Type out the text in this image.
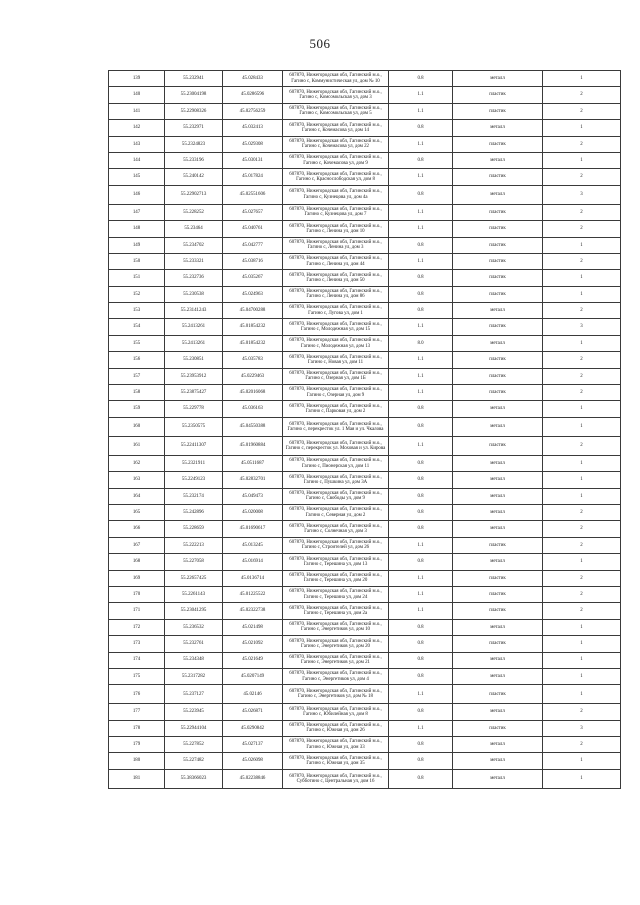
506
139	55.232941	45.028433	607870, Нижегородская обл, Гагинский м.о., Гагино с, Коммунистическая ул, дом № 10	0.8	металл	1
140	55.23004198	45.0286596	607870, Нижегородская обл, Гагинский м.о., Гагино с, Комсомольская ул, дом 3	1.1	пластик	2
141	55.22908326	45.02756259	607870, Нижегородская обл, Гагинский м.о., Гагино с, Комсомольская ул, дом 5	1.1	пластик	2
142	55.232971	45.032413	607870, Нижегородская обл, Гагинский м.о., Гагино с, Кочемасова ул, дом 14	0.8	металл	1
143	55.2324823	45.029308	607870, Нижегородская обл, Гагинский м.о., Гагино с, Кочемасова ул, дом 22	1.1	пластик	2
144	55.233196	45.030131	607870, Нижегородская обл, Гагинский м.о., Гагино с, Кочемасова ул, дом 9	0.8	металл	1
145	55.240142	45.017824	607870, Нижегородская обл, Гагинский м.о., Гагино с, Краснослободская ул, дом 8	1.1	пластик	2
146	55.22902713	45.02551606	607870, Нижегородская обл, Гагинский м.о., Гагино с, Кузнецова ул, дом 4а	0.8	металл	3
147	55.228252	45.027657	607870, Нижегородская обл, Гагинский м.о., Гагино с, Кузнецова ул, дом 7	1.1	пластик	2
148	55.23464	45.040761	607870, Нижегородская обл, Гагинский м.о., Гагино с, Ленина ул, дом 10	1.1	пластик	2
149	55.234702	45.042777	607870, Нижегородская обл, Гагинский м.о., Гагино с, Ленина ул, дом 3	0.8	пластик	1
150	55.233321	45.038716	607870, Нижегородская обл, Гагинский м.о., Гагино с, Ленина ул, дом 44	1.1	пластик	2
151	55.232736	45.035267	607870, Нижегородская обл, Гагинский м.о., Гагино с, Ленина ул, дом 50	0.8	пластик	1
152	55.230538	45.024963	607870, Нижегородская обл, Гагинский м.о., Гагино с, Ленина ул, дом 86	0.8	пластик	1
153	55.23141243	45.04700288	607870, Нижегородская обл, Гагинский м.о., Гагино с, Лугова ул, дом 1	0.8	металл	2
154	55.2413261	45.01854232	607870, Нижегородская обл, Гагинский м.о., Гагино с, Молодежная ул, дом 15	1.1	пластик	3
155	55.2413261	45.01854232	607870, Нижегородская обл, Гагинский м.о., Гагино с, Молодежная ул, дом 13	8.0	металл	1
156	55.230851	45.035783	607870, Нижегородская обл, Гагинский м.о., Гагино с, Новая ул, дом 11	1.1	пластик	2
157	55.23953912	45.0229463	607870, Нижегородская обл, Гагинский м.о., Гагино с, Озерная ул, дом 1Б	1.1	пластик	2
158	55.23875427	45.02016068	607870, Нижегородская обл, Гагинский м.о., Гагино с, Озерная ул, дом 9	1.1	пластик	2
159	55.229778	45.036163	607870, Нижегородская обл, Гагинский м.о., Гагино с, Парковая ул, дом 2	0.8	металл	1
160	55.2350575	45.04550388	607870, Нижегородская обл, Гагинский м.о., Гагино с, перекресток ул. 1 Мая и ул. Чкалова	0.8	металл	1
161	55.22411307	45.01960884	607870, Нижегородская обл, Гагинский м.о., Гагино с, перекресток ул. Моховая и ул. Кирова	1.1	пластик	2
162	55.2321911	45.0511687	607870, Нижегородская обл, Гагинский м.о., Гагино с, Пионерская ул, дом 11	0.8	металл	1
163	55.2249123	45.02832701	607870, Нижегородская обл, Гагинский м.о., Гагино с, Пушкина ул, дом 3А	0.8	металл	1
164	55.232174	45.049473	607870, Нижегородская обл, Гагинский м.о., Гагино с, Свободы ул, дом 9	0.8	металл	1
165	55.242896	45.020008	607870, Нижегородская обл, Гагинский м.о., Гагино с, Северная ул, дом 2	0.8	металл	2
166	55.228659	45.01690617	607870, Нижегородская обл, Гагинский м.о., Гагино с, Солнечная ул, дом 3	0.8	металл	2
167	55.222213	45.013245	607870, Нижегородская обл, Гагинский м.о., Гагино с, Строителей ул, дом 26	1.1	пластик	2
168	55.227058	45.016914	607870, Нижегородская обл, Гагинский м.о., Гагино с, Терешина ул, дом 13	0.8	металл	1
169	55.22657425	45.0136714	607870, Нижегородская обл, Гагинский м.о., Гагино с, Терешина ул, дом 20	1.1	пластик	2
170	55.2261143	45.01225522	607870, Нижегородская обл, Гагинский м.о., Гагино с, Терешина ул, дом 24	1.1	пластик	2
171	55.23041295	45.02322738	607870, Нижегородская обл, Гагинский м.о., Гагино с, Терешина ул, дом 2а	1.1	пластик	2
172	55.236532	45.021498	607870, Нижегородская обл, Гагинский м.о., Гагино с, Энергетиков ул, дом 10	0.8	металл	1
173	55.232761	45.021092	607870, Нижегородская обл, Гагинский м.о., Гагино с, Энергетиков ул, дом 20	0.8	пластик	1
174	55.234348	45.021649	607870, Нижегородская обл, Гагинский м.о., Гагино с, Энергетиков ул, дом 21	0.8	металл	1
175	55.2317282	45.0207149	607870, Нижегородская обл, Гагинский м.о., Гагино с, Энергетиков ул, дом 4	0.8	металл	1
176	55.237127	45.02146	607870, Нижегородская обл, Гагинский м.о., Гагино с, Энергетиков ул, дом № 18	1.1	пластик	1
177	55.223945	45.026871	607870, Нижегородская обл, Гагинский м.о., Гагино с, Юбилейная ул, дом 8	0.8	металл	2
178	55.22944104	45.0290842	607870, Нижегородская обл, Гагинский м.о., Гагино с, Южная ул, дом 26	1.1	пластик	3
179	55.227852	45.027137	607870, Нижегородская обл, Гагинский м.о., Гагино с, Южная ул, дом 33	0.8	металл	2
180	55.227482	45.026098	607870, Нижегородская обл, Гагинский м.о., Гагино с, Южная ул, дом 35	0.8	металл	1
181	55.38366023	45.02238846	607870, Нижегородская обл, Гагинский м.о., Субботино с, Центральная ул, дом 16	0.8	металл	1
